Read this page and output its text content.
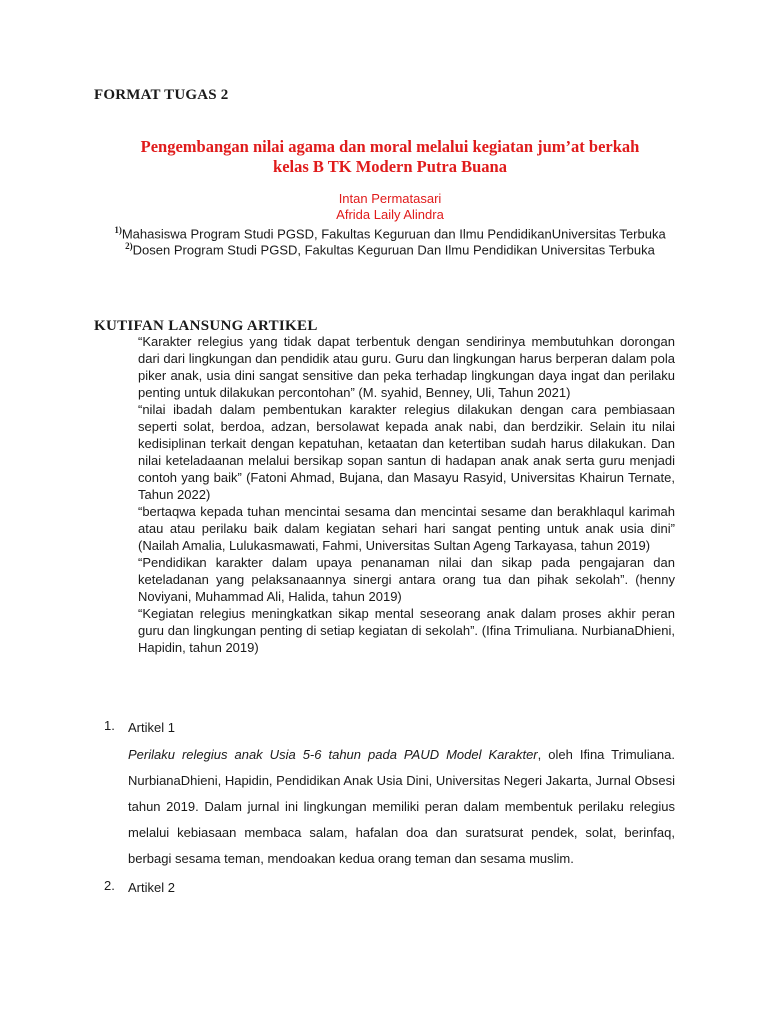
FORMAT TUGAS 2
Pengembangan nilai agama dan moral melalui kegiatan jum’at berkah
kelas B TK Modern Putra Buana
Intan Permatasari
Afrida Laily Alindra
$^{1)}$Mahasiswa Program Studi PGSD, Fakultas Keguruan dan Ilmu PendidikanUniversitas Terbuka
$^{2)}$Dosen Program Studi PGSD, Fakultas Keguruan Dan Ilmu Pendidikan Universitas Terbuka
KUTIFAN LANSUNG ARTIKEL

“Karakter relegius yang tidak dapat terbentuk dengan sendirinya membutuhkan dorongan dari dari lingkungan dan pendidik atau guru. Guru dan lingkungan harus berperan dalam pola piker anak, usia dini sangat sensitive dan peka terhadap lingkungan daya ingat dan perilaku penting untuk dilakukan percontohan” (M. syahid, Benney, Uli, Tahun 2021)

“nilai ibadah dalam pembentukan karakter relegius dilakukan dengan cara pembiasaan seperti solat, berdoa, adzan, bersolawat kepada anak nabi, dan berdzikir. Selain itu nilai kedisiplinan terkait dengan kepatuhan, ketaatan dan ketertiban sudah harus dilakukan. Dan nilai keteladaanan melalui bersikap sopan santun di hadapan anak anak serta guru menjadi contoh yang baik” (Fatoni Ahmad, Bujana, dan Masayu Rasyid, Universitas Khairun Ternate, Tahun 2022)

“bertaqwa kepada tuhan mencintai sesama dan mencintai sesame dan berakhlaqul karimah atau atau perilaku baik dalam kegiatan sehari hari sangat penting untuk anak usia dini” (Nailah Amalia, Lulukasmawati, Fahmi, Universitas Sultan Ageng Tarkayasa, tahun 2019)

“Pendidikan karakter dalam upaya penanaman nilai dan sikap pada pengajaran dan keteladanan yang pelaksanaannya sinergi antara orang tua dan pihak sekolah”. (henny Noviyani, Muhammad Ali, Halida, tahun 2019)

“Kegiatan relegius meningkatkan sikap mental seseorang anak dalam proses akhir peran guru dan lingkungan penting di setiap kegiatan di sekolah”. (Ifina Trimuliana. NurbianaDhieni, Hapidin, tahun 2019)

1. Artikel 1
Perilaku relegius anak Usia 5-6 tahun pada PAUD Model Karakter, oleh Ifina Trimuliana. NurbianaDhieni, Hapidin, Pendidikan Anak Usia Dini, Universitas Negeri Jakarta, Jurnal Obsesi tahun 2019. Dalam jurnal ini lingkungan memiliki peran dalam membentuk perilaku relegius melalui kebiasaan membaca salam, hafalan doa dan suratsurat pendek, solat, berinfaq, berbagi sesama teman, mendoakan kedua orang teman dan sesama muslim.
2. Artikel 2
